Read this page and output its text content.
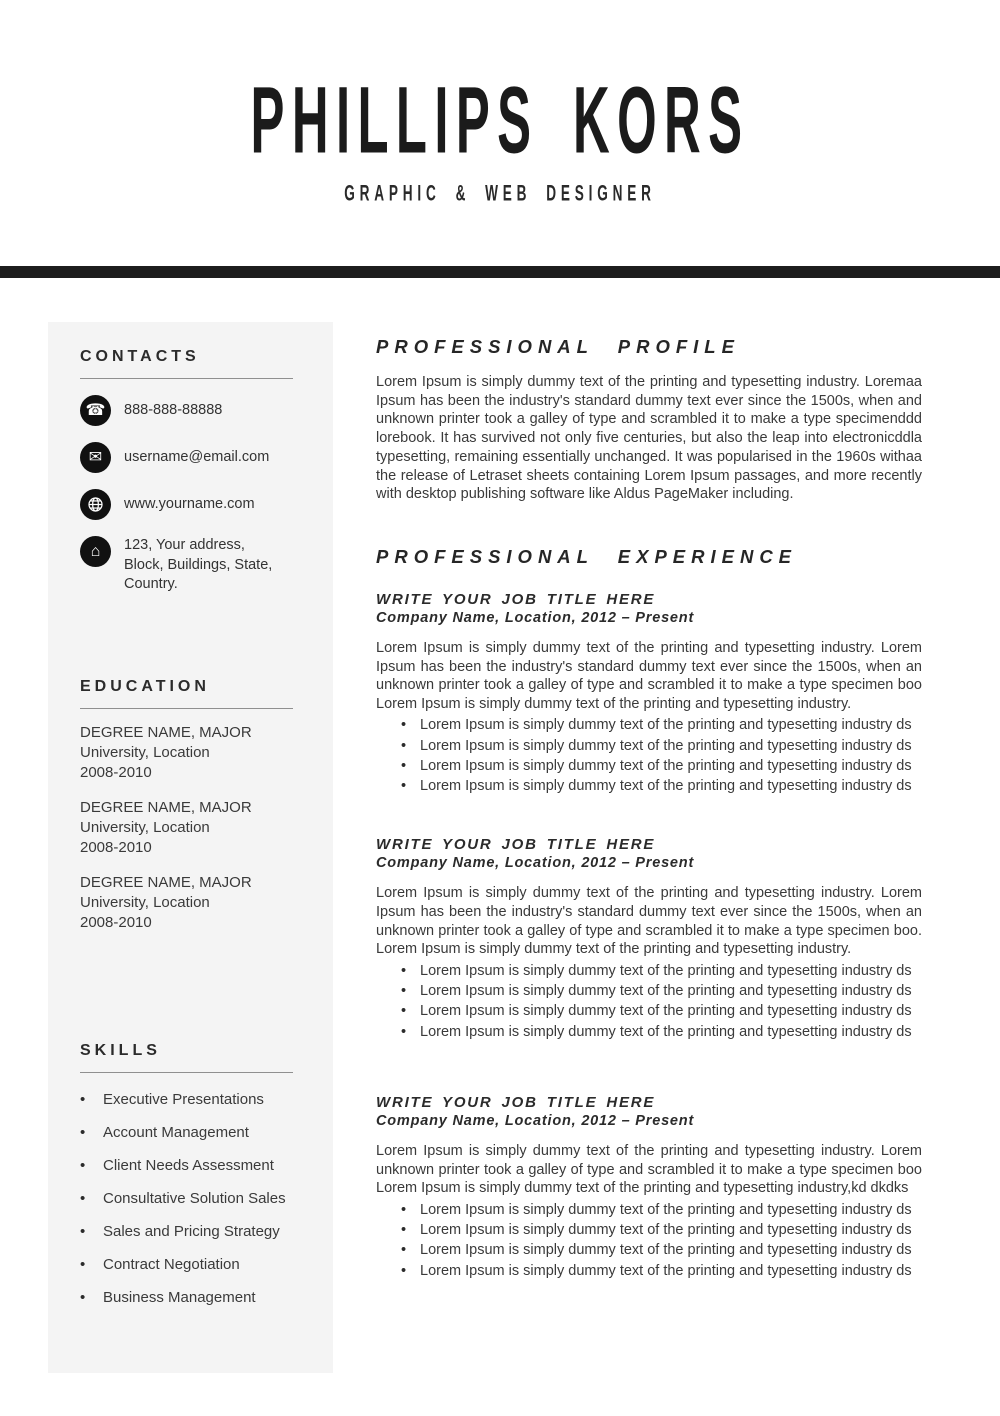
PHILLIPS KORS
GRAPHIC & WEB DESIGNER
CONTACTS
☎	888-888-88888
✉	username@email.com
www.yourname.com
⌂	123, Your address,
Block, Buildings, State,
Country.
EDUCATION
DEGREE NAME, MAJOR
University, Location
2008-2010
DEGREE NAME, MAJOR
University, Location
2008-2010
DEGREE NAME, MAJOR
University, Location
2008-2010
SKILLS
•	Executive Presentations
•	Account Management
•	Client Needs Assessment
•	Consultative Solution Sales
•	Sales and Pricing Strategy
•	Contract Negotiation
•	Business Management
PROFESSIONAL PROFILE

Lorem Ipsum is simply dummy text of the printing and typesetting industry. Loremaa Ipsum has been the industry's standard dummy text ever since the 1500s, when and unknown printer took a galley of type and scrambled it to make a type specimenddd lorebook. It has survived not only five centuries, but also the leap into electronicddla typesetting, remaining essentially unchanged. It was popularised in the 1960s withaa the release of Letraset sheets containing Lorem Ipsum passages, and more recently with desktop publishing software like Aldus PageMaker including.

PROFESSIONAL EXPERIENCE
WRITE YOUR JOB TITLE HERE
Company Name, Location, 2012 – Present

Lorem Ipsum is simply dummy text of the printing and typesetting industry. Lorem Ipsum has been the industry's standard dummy text ever since the 1500s, when an unknown printer took a galley of type and scrambled it to make a type specimen boo Lorem Ipsum is simply dummy text of the printing and typesetting industry.

• Lorem Ipsum is simply dummy text of the printing and typesetting industry ds
• Lorem Ipsum is simply dummy text of the printing and typesetting industry ds
• Lorem Ipsum is simply dummy text of the printing and typesetting industry ds
• Lorem Ipsum is simply dummy text of the printing and typesetting industry ds
WRITE YOUR JOB TITLE HERE
Company Name, Location, 2012 – Present

Lorem Ipsum is simply dummy text of the printing and typesetting industry. Lorem Ipsum has been the industry's standard dummy text ever since the 1500s, when an unknown printer took a galley of type and scrambled it to make a type specimen boo. Lorem Ipsum is simply dummy text of the printing and typesetting industry.

• Lorem Ipsum is simply dummy text of the printing and typesetting industry ds
• Lorem Ipsum is simply dummy text of the printing and typesetting industry ds
• Lorem Ipsum is simply dummy text of the printing and typesetting industry ds
• Lorem Ipsum is simply dummy text of the printing and typesetting industry ds
WRITE YOUR JOB TITLE HERE
Company Name, Location, 2012 – Present

Lorem Ipsum is simply dummy text of the printing and typesetting industry. Lorem unknown printer took a galley of type and scrambled it to make a type specimen boo Lorem Ipsum is simply dummy text of the printing and typesetting industry,kd dkdks

• Lorem Ipsum is simply dummy text of the printing and typesetting industry ds
• Lorem Ipsum is simply dummy text of the printing and typesetting industry ds
• Lorem Ipsum is simply dummy text of the printing and typesetting industry ds
• Lorem Ipsum is simply dummy text of the printing and typesetting industry ds
